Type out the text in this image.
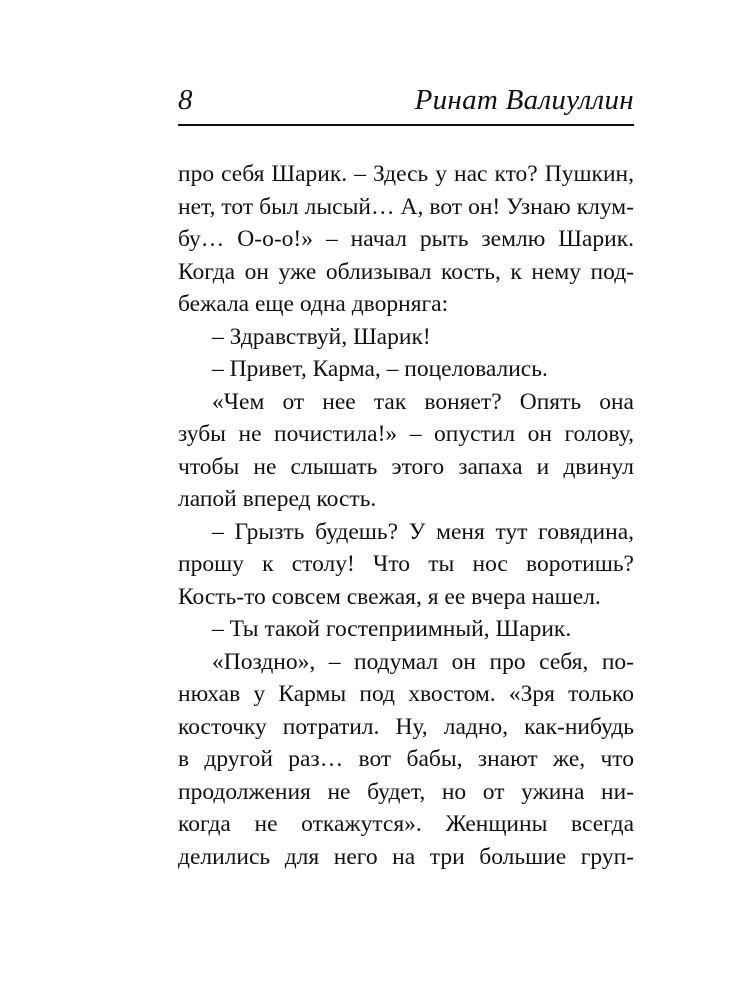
8	Ринат Валиуллин
про себя Шарик. – Здесь у нас кто? Пушкин,
нет, тот был лысый… А, вот он! Узнаю клум-
бу… О-о-о!» – начал рыть землю Шарик.
Когда он уже облизывал кость, к нему под-
бежала еще одна дворняга:
– Здравствуй, Шарик!
– Привет, Карма, – поцеловались.
«Чем от нее так воняет? Опять она
зубы не почистила!» – опустил он голову,
чтобы не слышать этого запаха и двинул
лапой вперед кость.
– Грызть будешь? У меня тут говядина,
прошу к столу! Что ты нос воротишь?
Кость-то совсем свежая, я ее вчера нашел.
– Ты такой гостеприимный, Шарик.
«Поздно», – подумал он про себя, по-
нюхав у Кармы под хвостом. «Зря только
косточку потратил. Ну, ладно, как-нибудь
в другой раз… вот бабы, знают же, что
продолжения не будет, но от ужина ни-
когда не откажутся». Женщины всегда
делились для него на три большие груп-
